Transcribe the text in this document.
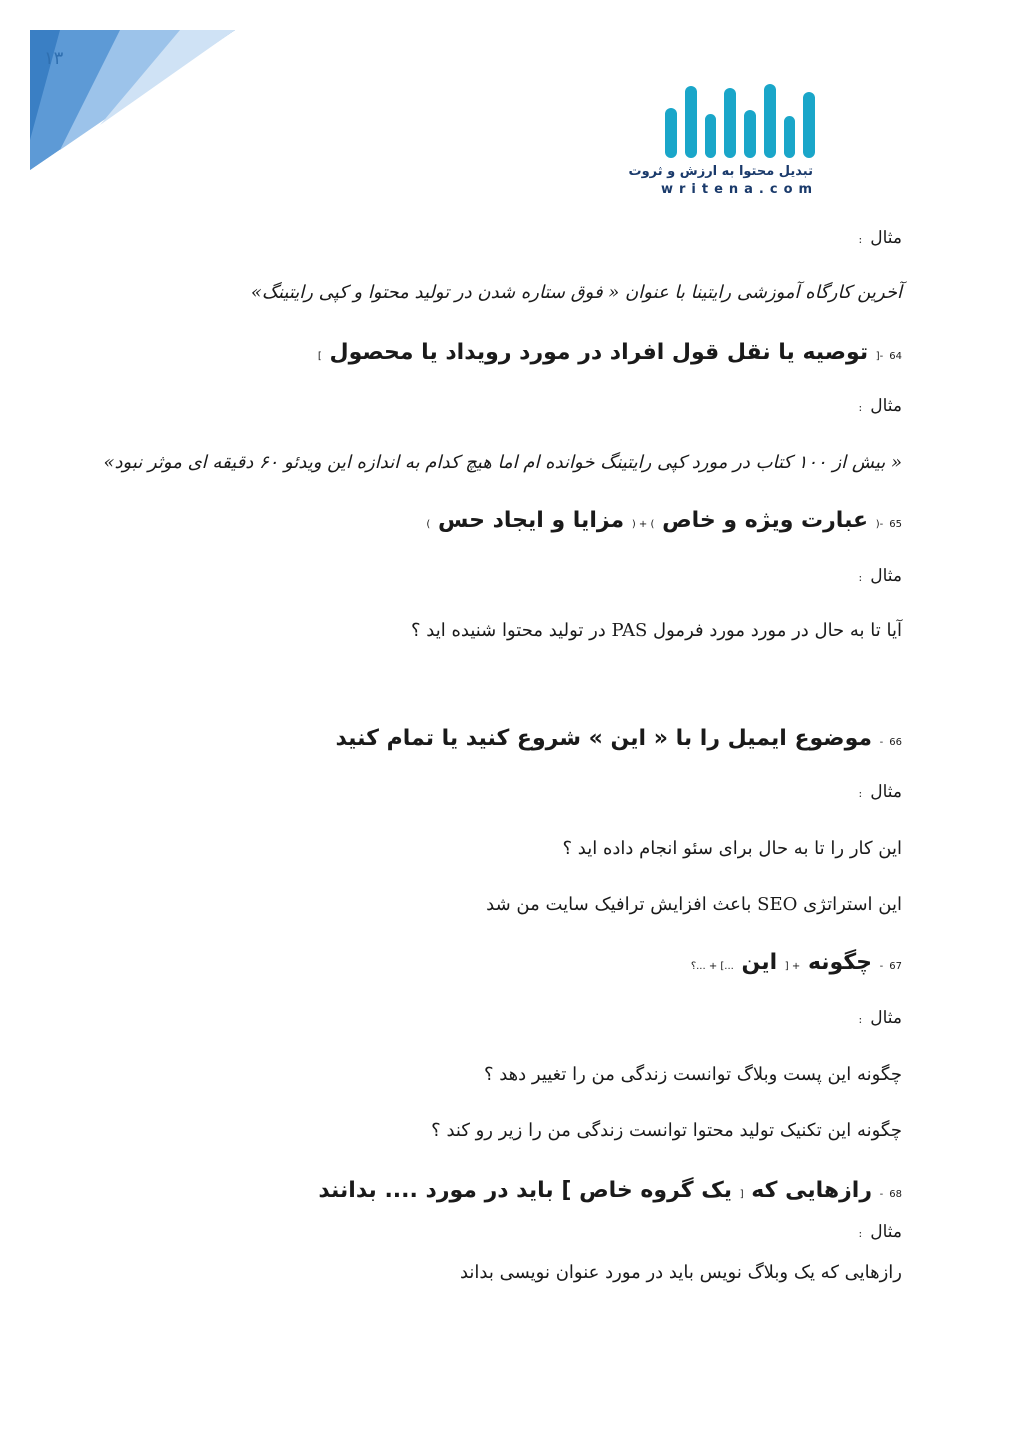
١٣
تبدیل محتوا به ارزش و ثروت
writena.com
مثال:
آخرین کارگاه آموزشی رایتینا با عنوان « فوق ستاره شدن در تولید محتوا و کپی رایتینگ»
64-[ توصیه یا نقل قول افراد در مورد رویداد یا محصول ]
مثال:
« بیش از ۱۰۰ کتاب در مورد کپی رایتینگ خوانده ام اما هیچ کدام به اندازه این ویدئو ۶۰ دقیقه ای موثر نبود»
65-( عبارت ویژه و خاص ) + ( مزایا و ایجاد حس )
مثال:
آیا تا به حال در مورد مورد فرمول PAS در تولید محتوا شنیده اید ؟
66- موضوع ایمیل را با « این » شروع کنید یا تمام کنید
مثال:
این کار را تا به حال برای سئو انجام داده اید ؟
این استراتژی SEO باعث افزایش ترافیک سایت من شد
67- چگونه + [ این ...] + ...؟
مثال:
چگونه این پست وبلاگ توانست زندگی من را تغییر دهد ؟
چگونه این تکنیک تولید محتوا توانست زندگی من را زیر رو کند ؟
68- رازهایی که [ یک گروه خاص ] باید در مورد .... بدانند
مثال:
رازهایی که یک وبلاگ نویس باید در مورد عنوان نویسی بداند
